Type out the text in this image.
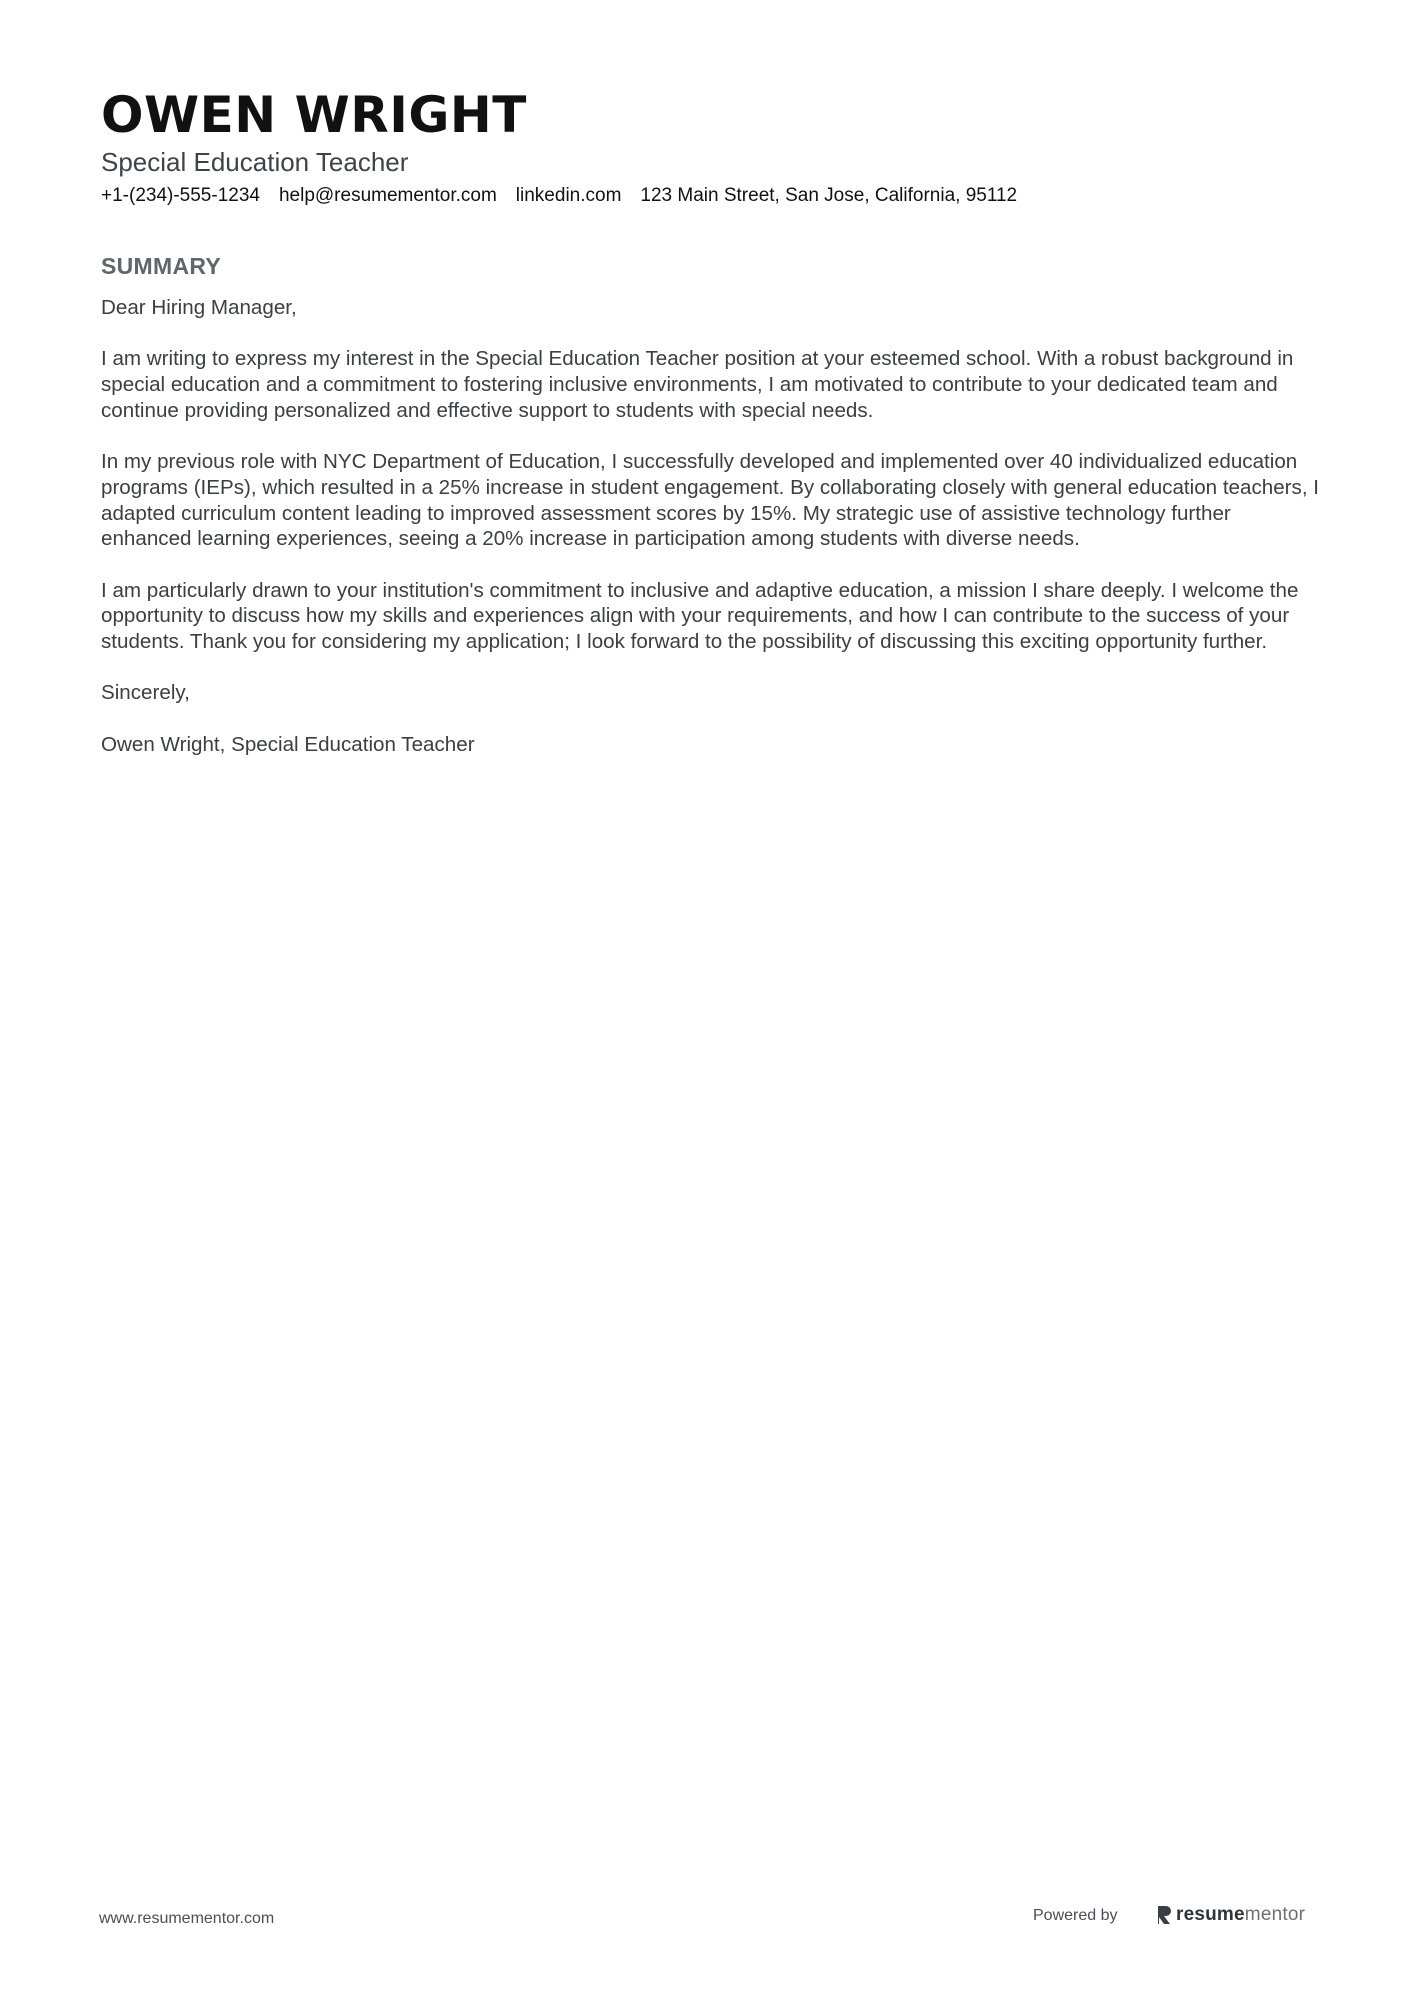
OWEN WRIGHT
Special Education Teacher
+1-(234)-555-1234 help@resumementor.com linkedin.com 123 Main Street, San Jose, California, 95112
SUMMARY

Dear Hiring Manager,

I am writing to express my interest in the Special Education Teacher position at your esteemed school. With a robust background in special education and a commitment to fostering inclusive environments, I am motivated to contribute to your dedicated team and continue providing personalized and effective support to students with special needs.

In my previous role with NYC Department of Education, I successfully developed and implemented over 40 individualized education programs (IEPs), which resulted in a 25% increase in student engagement. By collaborating closely with general education teachers, I adapted curriculum content leading to improved assessment scores by 15%. My strategic use of assistive technology further enhanced learning experiences, seeing a 20% increase in participation among students with diverse needs.

I am particularly drawn to your institution's commitment to inclusive and adaptive education, a mission I share deeply. I welcome the opportunity to discuss how my skills and experiences align with your requirements, and how I can contribute to the success of your students. Thank you for considering my application; I look forward to the possibility of discussing this exciting opportunity further.

Sincerely,

Owen Wright, Special Education Teacher

www.resumementor.com	Powered by	resumementor
